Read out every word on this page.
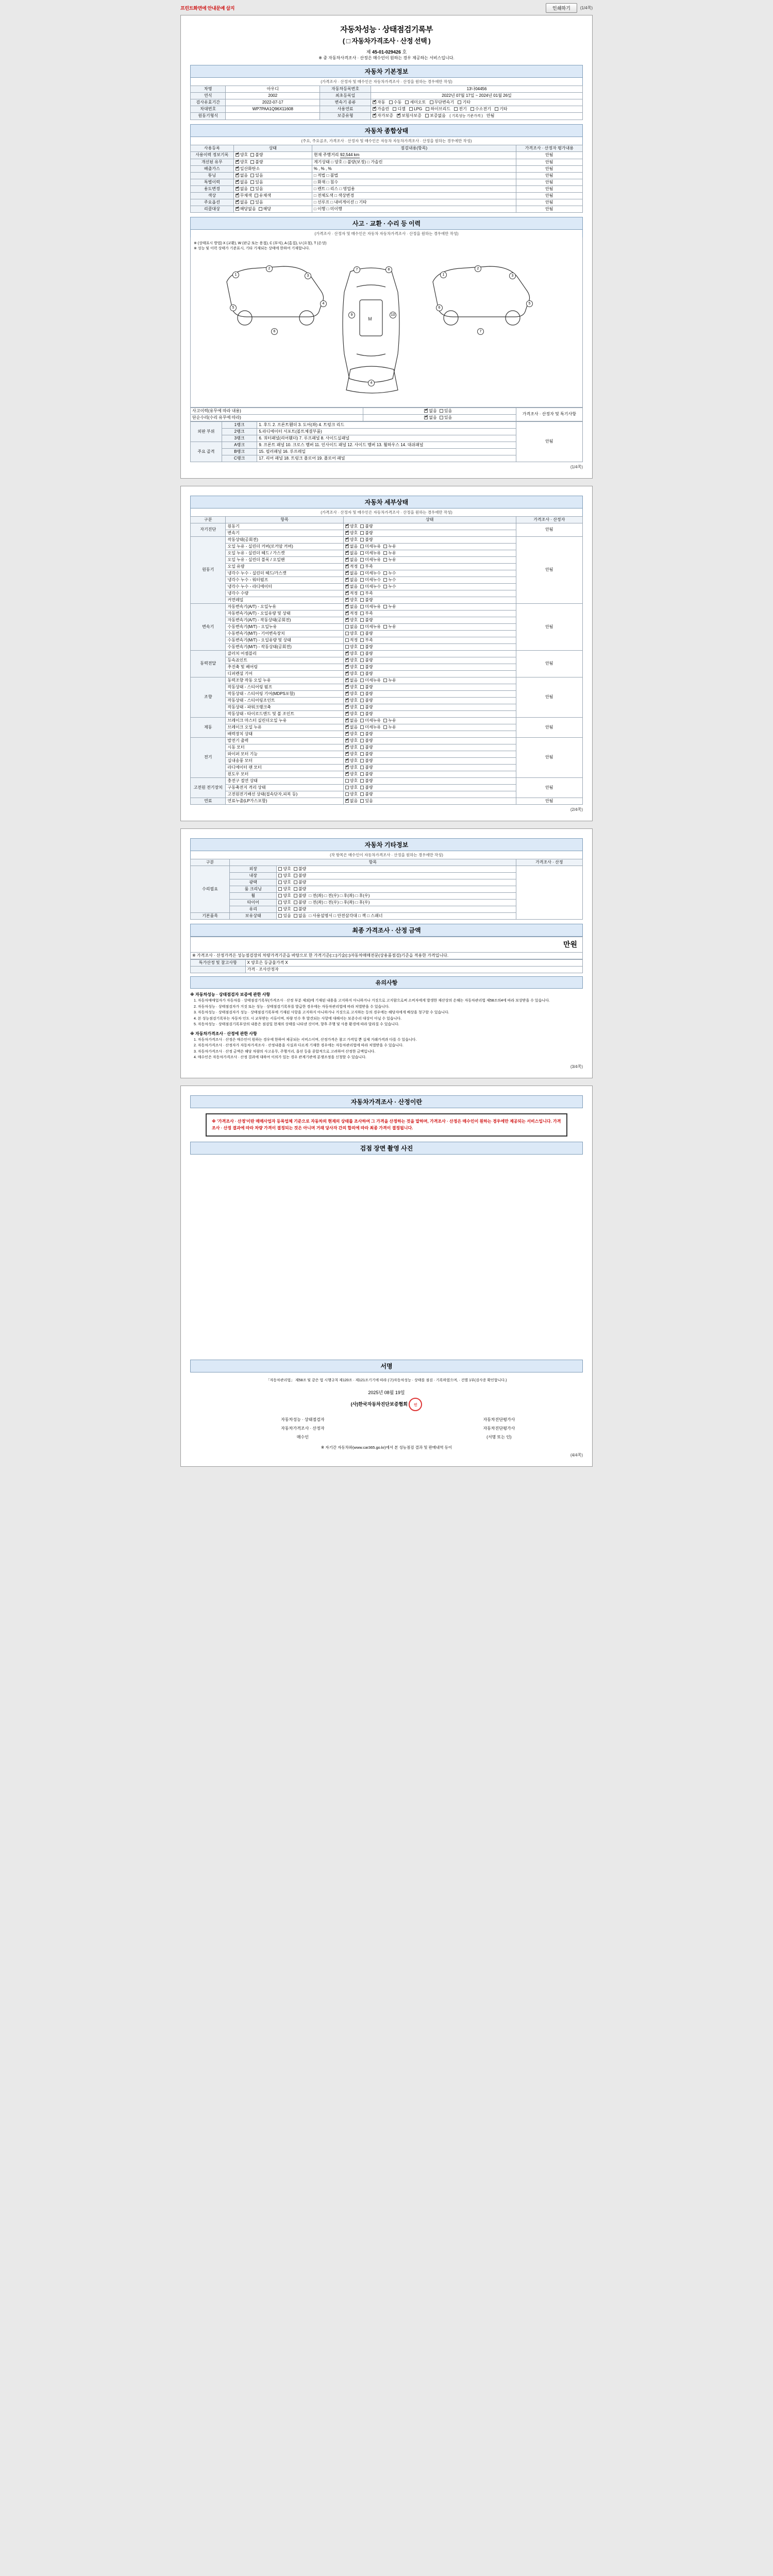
프린트화면에 안내문예 삽지	인쇄하기	(1/4쪽)
자동차성능 · 상태점검기록부
( □ 자동차가격조사 · 산정 선택 )
제 45-01-029426 호
※ 중 자동차사격조사 · 산정은 매수인이 원하는 경우 제공하는 서비스입니다.
자동차 기본정보
(가격조사 · 산정자 및 매수인은 자동차가격조사 · 산정을 원하는 경우에만 작성)
차명	아우디	자동차등록번호	13나04456
연식	2002	최초등록일	2022년 07월 17일 ~ 2024년 01월 26일
검사유효기간	2022-07-17	변속기 종류	✔자동 수동 세미오토 무단변속기 기타
차대번호	WP7PAA1Q96X11608	사용연료	✔가솔린 디젤 LPG 하이브리드 전기 수소전기 기타
원동기형식		보증유형	✔자가보증 ✔ 보험사보증 보증없음 ( 기록성능 기준가격 ) 안됨
자동차 종합상태
(주요, 주요골조, 가격조사 · 산정자 및 매수인은 자동차 자동차가격조사 · 산정을 원하는 경우에만 작성)
사용등록	상태	점검내용(항목)	가격조사 · 산정자 평가내용
사용이력 정보기록	✔양호 불량	현재 주행거리 92,544 km	안됨
개선된 유무	✔양호 불량	계기상태 □ 양호 □ 불량(보정) □ 가솔린	안됨
배출가스	✔일산화탄소	% , % , %	안됨
튜닝	✔없음 있음	□ 적법 □ 불법	안됨
특별이력	✔없음 있음	□ 화재 □ 침수	안됨
용도변경	✔없음 있음	□ 렌트 □ 리스 □ 영업용	안됨
색상	✔무채색 유채색	□ 전체도색 □ 색상변경	안됨
주요옵션	✔없음 있음	□ 선루프 □ 내비게이션 □ 기타	안됨
리콜대상	✔해당없음 해당	□ 이행 □ 미이행	안됨
사고 · 교환 · 수리 등 이력
(가격조사 · 산정자 및 매수인은 자동차 자동차가격조사 · 산정을 원하는 경우에만 작성)
※ (상태표시 방법) X (교환), W (판금 또는 용접), C (부식), A (흠집), U (요철), T (손상)
※ 성능 및 이력 상태가 기준표시, 기타 기재되는 상태에 한하여 기재합니다.
M
1
2
3
4
5
6
7	8
9	10
4
1
2
3
5
6
7
사고이력(유무에 따라 내용)	✔없음 있음	가격조사 · 산정자 및 특기사항
단순수리(수리 유무에 따라)	✔없음 있음
외판 부위	1랭크	1. 후드 2. 프론트휀더 3. 도어(좌) 4. 트렁크 리드	안됨
	2랭크	5.라디에이터 서포트(볼트체결부품)	
	3랭크	6. 쿼터패널(리어휀더) 7. 루프패널 8. 사이드실패널	
주요 골격	A랭크	9. 프론트 패널 10. 크로스 멤버 11. 인사이드 패널 12. 사이드 멤버 13. 휠하우스 14. 대쉬패널	
	B랭크	15. 필러패널 16. 루프레일	
	C랭크	17. 리어 패널 18. 트렁크 플로어 19. 플로어 패널	
(1/4쪽)
자동차 세부상태
(가격조사 · 산정자 및 매수인은 자동차가격조사 · 산정을 원하는 경우에만 작성)
구분	항목	상태	가격조사 · 산정자
자기진단	원동기	✔양호 불량	안됨
	변속기	✔양호 불량
원동기	작동상태(공회전)	✔양호 불량	안됨
	오일 누유 - 실린더 커버(로커암 커버)	✔없음 미세누유 누유
	오일 누유 - 실린더 헤드 / 가스켓	✔없음 미세누유 누유
	오일 누유 - 실린더 블록 / 오일팬	✔없음 미세누유 누유
	오일 유량	✔적정 부족
	냉각수 누수 - 실린더 헤드/가스켓	✔없음 미세누수 누수
	냉각수 누수 - 워터펌프	✔없음 미세누수 누수
	냉각수 누수 - 라디에이터	✔없음 미세누수 누수
	냉각수 수량	✔적정 부족
	커먼레일	✔양호 불량
변속기	자동변속기(A/T) - 오일누유	✔없음 미세누유 누유	안됨
	자동변속기(A/T) - 오일유량 및 상태	✔적정 부족
	자동변속기(A/T) - 작동상태(공회전)	✔양호 불량
	수동변속기(M/T) - 오일누유	없음 미세누유 누유	
	수동변속기(M/T) - 기어변속장치	양호 불량	
	수동변속기(M/T) - 오일유량 및 상태	적정 부족	
	수동변속기(M/T) - 작동상태(공회전)	양호 불량	
동력전달	클러치 어셈블리	✔양호 불량	안됨
	등속죠인트	✔양호 불량
	추진축 및 베어링	✔양호 불량
	디퍼렌셜 기어	✔양호 불량
조향	동력조향 작동 오일 누유	✔없음 미세누유 누유	안됨
	작동상태 - 스티어링 펌프	✔양호 불량
	작동상태 - 스티어링 기어(MDPS포함)	✔양호 불량
	작동상태 - 스티어링조인트	✔양호 불량
	작동상태 - 파워크랭크축	✔양호 불량
	작동상태 - 타이로드엔드 및 볼 조인트	✔양호 불량
제동	브레이크 마스터 실린더오일 누유	✔없음 미세누유 누유	안됨
	브레이크 오일 누유	✔없음 미세누유 누유
	배력장치 상태	✔양호 불량
전기	발전기 출력	✔양호 불량	안됨
	시동 모터	✔양호 불량
	와이퍼 모터 기능	✔양호 불량
	실내송풍 모터	✔양호 불량
	라디에이터 팬 모터	✔양호 불량
	윈도우 모터	✔양호 불량
고전원 전기장치	충전구 절연 상태	양호 불량	안됨
	구동축전지 격리 상태	양호 불량	
	고전원전기배선 상태(접속단자,피복 등)	양호 불량	
연료	연료누출(LP가스포함)	✔없음 있음	안됨
(2/4쪽)
자동차 기타정보
(작 항목은 매수인이 자동차가격조사 · 산정을 원하는 경우에만 작성)
구분	항목		가격조사 · 산정
수리필요	외장	양호 불량	
	내장	양호 불량	
	광택	양호 불량	
	룸 크리닝	양호 불량	
	휠	양호 불량 □ 전(좌) □ 전(우) □ 후(좌) □ 후(우)	
	타이어	양호 불량 □ 전(좌) □ 전(우) □ 후(좌) □ 후(우)	
	유리	양호 불량	
기본품목	보유상태	있음 없음 □ 사용설명서 □ 안전삼각대 □ 잭 □ 스패너	
최종 가격조사 · 산정 금액
만원
※ 가격조사 · 산정가격은 성능점검장의 차량가격기준을 바탕으로 한 가격기준(□□)기술(□)자동차매매전문(상용품점검)기준을 적용한 가격입니다.
특가산정 및 참고사항	X 양호은 등급율가격 X
	가격 · 조사산정자
유의사항
※ 자동차성능 · 상태점검자 보증에 관한 사항
1. 자동차매매업자가 자동차를 · 상태점검기록부(가격조사 · 산정 부분 제외)에 기재된 내용을 고지하지 아니하거나 거짓으로 고지함으로써 소비자에게 발생한 재산상의 손해는 자동차관리법 제58조의4에 따라 보상받을 수 있습니다.
2. 자동차성능 · 상태점검자가 거짓 또는 성능 · 상태점검기록부를 발급한 경우에는 자동차관리법에 따라 처벌받을 수 있습니다.
3. 자동차성능 · 상태점검자가 성능 · 상태점검기록부에 기재된 사항을 고지하지 아니하거나 거짓으로 고지하는 등의 경우에는 해당자에게 배상을 청구할 수 있습니다.
4. 본 성능점검기록부는 자동차 인도 시 교부받는 서류이며, 차량 인수 후 발견되는 사항에 대해서는 보증수리 대상이 아닐 수 있습니다.
5. 자동차성능 · 상태점검기록부상의 내용은 점검일 현재의 상태를 나타낸 것이며, 향후 주행 및 사용 환경에 따라 달라질 수 있습니다.
※ 자동차가격조사 · 산정에 관한 사항
1. 자동차가격조사 · 산정은 매수인이 원하는 경우에 한하여 제공되는 서비스이며, 산정가격은 참고 가격일 뿐 실제 거래가격과 다를 수 있습니다.
2. 자동차가격조사 · 산정자가 자동차가격조사 · 산정내용을 사실과 다르게 기재한 경우에는 자동차관리법에 따라 처벌받을 수 있습니다.
3. 자동차가격조사 · 산정 금액은 해당 차량의 사고유무, 주행거리, 옵션 등을 종합적으로 고려하여 산정한 금액입니다.
4. 매수인은 자동차가격조사 · 산정 결과에 대하여 이의가 있는 경우 관계기관에 분쟁조정을 신청할 수 있습니다.
(3/4쪽)
자동차가격조사 · 산정이란
※ '가격조사 · 산정'이란 매매사업자 등록업체 기준으로 자동차의 현재의 상태를 조사하여 그 가격을 산정하는 것을 말하며, 가격조사 · 산정은 매수인이 원하는 경우에만 제공되는 서비스입니다. 가격조사 · 산정 결과에 따라 차량 가격이 결정되는 것은 아니며 거래 당사자 간의 합의에 따라 최종 가격이 결정됩니다.
검점 장면 촬영 사진
서명
「자동차관리법」 제58조 및 같은 법 시행규칙 제120조 · 제121조기기에 따라 (구)자동차성능 · 상태를 점검 · 기록하였으며, · 건별 1부(검사증 확인합니다.)
2025년 08월 19일
(사)한국자동차진단보증협회 인
자동차성능 · 상태점검자	자동차진단평가사
자동차가격조사 · 산정자	자동차진단평가사
매수인	(서명 또는 인)
※ 자기간 자동차와(www.car365.go.kr)에서 본 성능점검 결과 및 판매내역 등이
(4/4쪽)
